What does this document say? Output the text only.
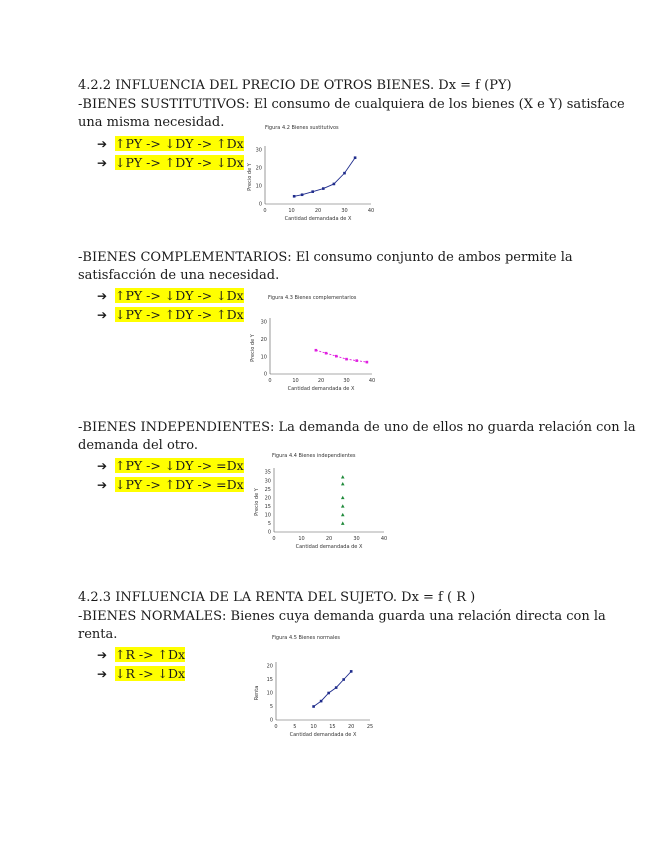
4.2.2 INFLUENCIA DEL PRECIO DE OTROS BIENES. Dx = f (PY)
-BIENES SUSTITUTIVOS: El consumo de cualquiera de los bienes (X e Y) satisface
una misma necesidad.
➔ ↑PY -> ↓DY -> ↑Dx
➔ ↓PY -> ↑DY -> ↓Dx
Figura 4.2 Bienes sustitutivos
0	10	20	30	40
0
10
20
30
Cantidad demandada de X
Precio de Y
-BIENES COMPLEMENTARIOS: El consumo conjunto de ambos permite la
satisfacción de una necesidad.
➔ ↑PY -> ↓DY -> ↓Dx
➔ ↓PY -> ↑DY -> ↑Dx
Figura 4.3 Bienes complementarios
0	10	20	30	40
0
10
20
30
Cantidad demandada de X
Precio de Y
-BIENES INDEPENDIENTES: La demanda de uno de ellos no guarda relación con la
demanda del otro.
➔ ↑PY -> ↓DY -> =Dx
➔ ↓PY -> ↑DY -> =Dx
Figura 4.4 Bienes independientes
0	10	20	30	40
0
5
10
15
20
25
30
35
Cantidad demandada de X
Precio de Y
4.2.3 INFLUENCIA DE LA RENTA DEL SUJETO. Dx = f ( R )
-BIENES NORMALES: Bienes cuya demanda guarda una relación directa con la
renta.
➔ ↑R -> ↑Dx
➔ ↓R -> ↓Dx
Figura 4.5 Bienes normales
0	5	10 15 20 25
0
5
10
15
20
Cantidad demandada de X
Renta
